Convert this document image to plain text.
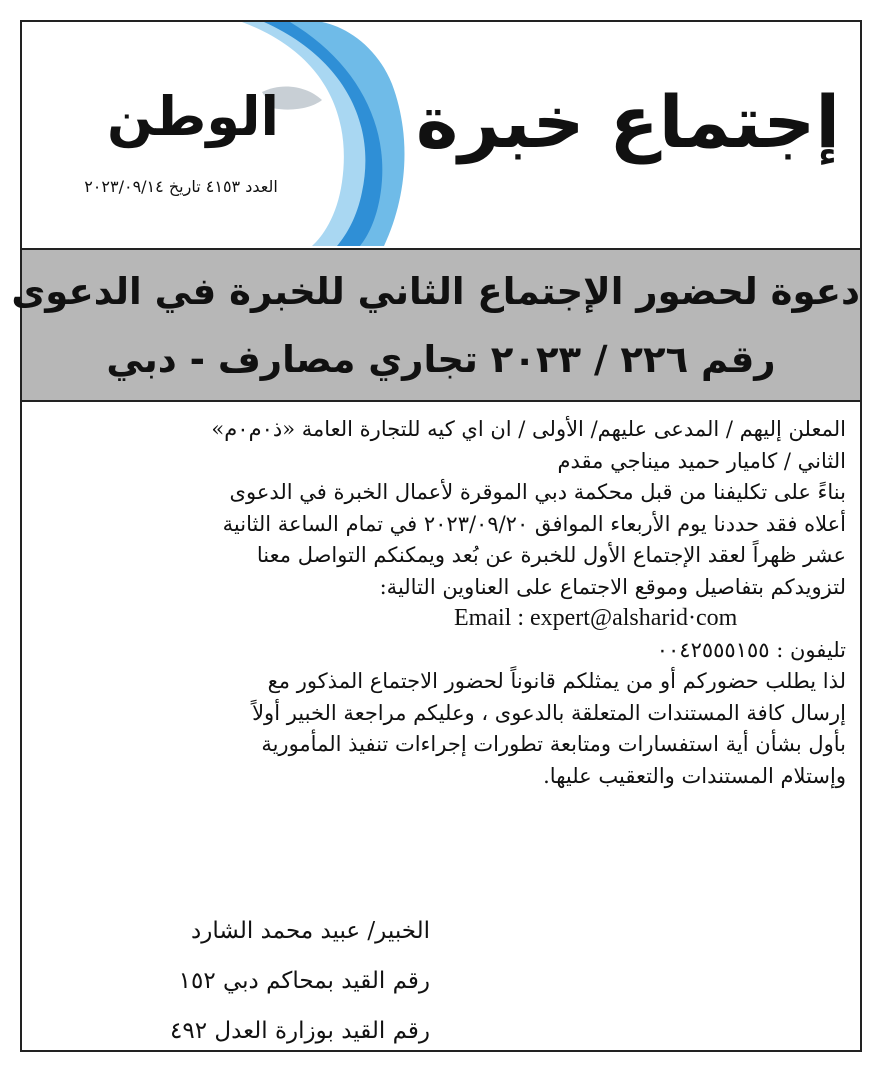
الوطن
العدد ٤١٥٣ تاريخ ٢٠٢٣/٠٩/١٤
إجتماع خبرة
دعوة لحضور الإجتماع الثاني للخبرة في الدعوى
رقم ٢٢٦ / ٢٠٢٣ تجاري مصارف - دبي
المعلن إليهم / المدعى عليهم/ الأولى / ان اي كيه للتجارة العامة «ذ٠م٠م»
الثاني / كاميار حميد ميناجي مقدم
بناءً على تكليفنا من قبل محكمة دبي الموقرة لأعمال الخبرة في الدعوى
أعلاه فقد حددنا يوم الأربعاء الموافق ٢٠٢٣/٠٩/٢٠ في تمام الساعة الثانية
عشر ظهراً لعقد الإجتماع الأول للخبرة عن بُعد ويمكنكم التواصل معنا
لتزويدكم بتفاصيل وموقع الاجتماع على العناوين التالية:
Email : expert@alsharid·com
تليفون : ٠٠٤٢٥٥٥١٥٥
لذا يطلب حضوركم أو من يمثلكم قانوناً لحضور الاجتماع المذكور مع
إرسال كافة المستندات المتعلقة بالدعوى ، وعليكم مراجعة الخبير أولاً
بأول بشأن أية استفسارات ومتابعة تطورات إجراءات تنفيذ المأمورية
وإستلام المستندات والتعقيب عليها.
الخبير/ عبيد محمد الشارد
رقم القيد بمحاكم دبي ١٥٢
رقم القيد بوزارة العدل ٤٩٢
